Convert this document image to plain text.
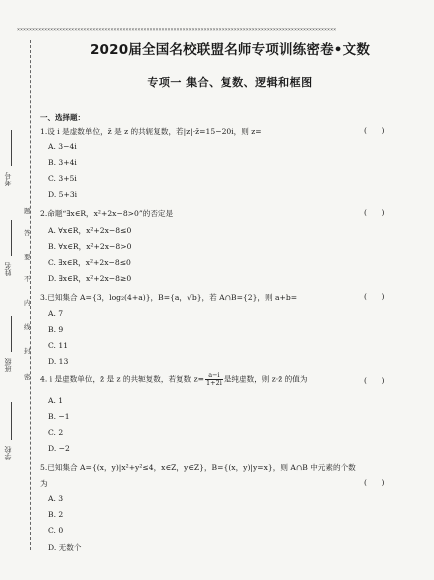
××××××××××××××××××××××××××××××××××××××××××××××××××××××××××××××××××××××××××××××××××××××××××××××××××××××××××
考号
姓名
班级
学校
题
答
要
不
内
线
封
密
2020届全国名校联盟名师专项训练密卷•文数
专项一 集合、复数、逻辑和框图
一、选择题：
1.设 i 是虚数单位，z̄ 是 z 的共轭复数，若|z|·z̄=15−20i，则 z=	(      )
A. 3−4i
B. 3+4i
C. 3+5i
D. 5+3i
2.命题“∃x∈R，x²+2x−8>0”的否定是	(      )
A. ∀x∈R，x²+2x−8≤0
B. ∀x∈R，x²+2x−8>0
C. ∃x∈R，x²+2x−8≤0
D. ∃x∈R，x²+2x−8≥0
3.已知集合 A={3，log₂(4+a)}，B={a，√b}，若 A∩B={2}，则 a+b=	(      )
A. 7
B. 9
C. 11
D. 13
4. i 是虚数单位，z̄ 是 z 的共轭复数，若复数 $z= \frac{a-i}{1+2i}$ 是纯虚数，则 z·z̄ 的值为	(      )
A. 1
B. −1
C. 2
D. −2
5.已知集合 A={(x，y)|x²+y²≤4，x∈Z，y∈Z}，B={(x，y)|y=x}，则 A∩B 中元素的个数
为	(      )
A. 3
B. 2
C. 0
D. 无数个
